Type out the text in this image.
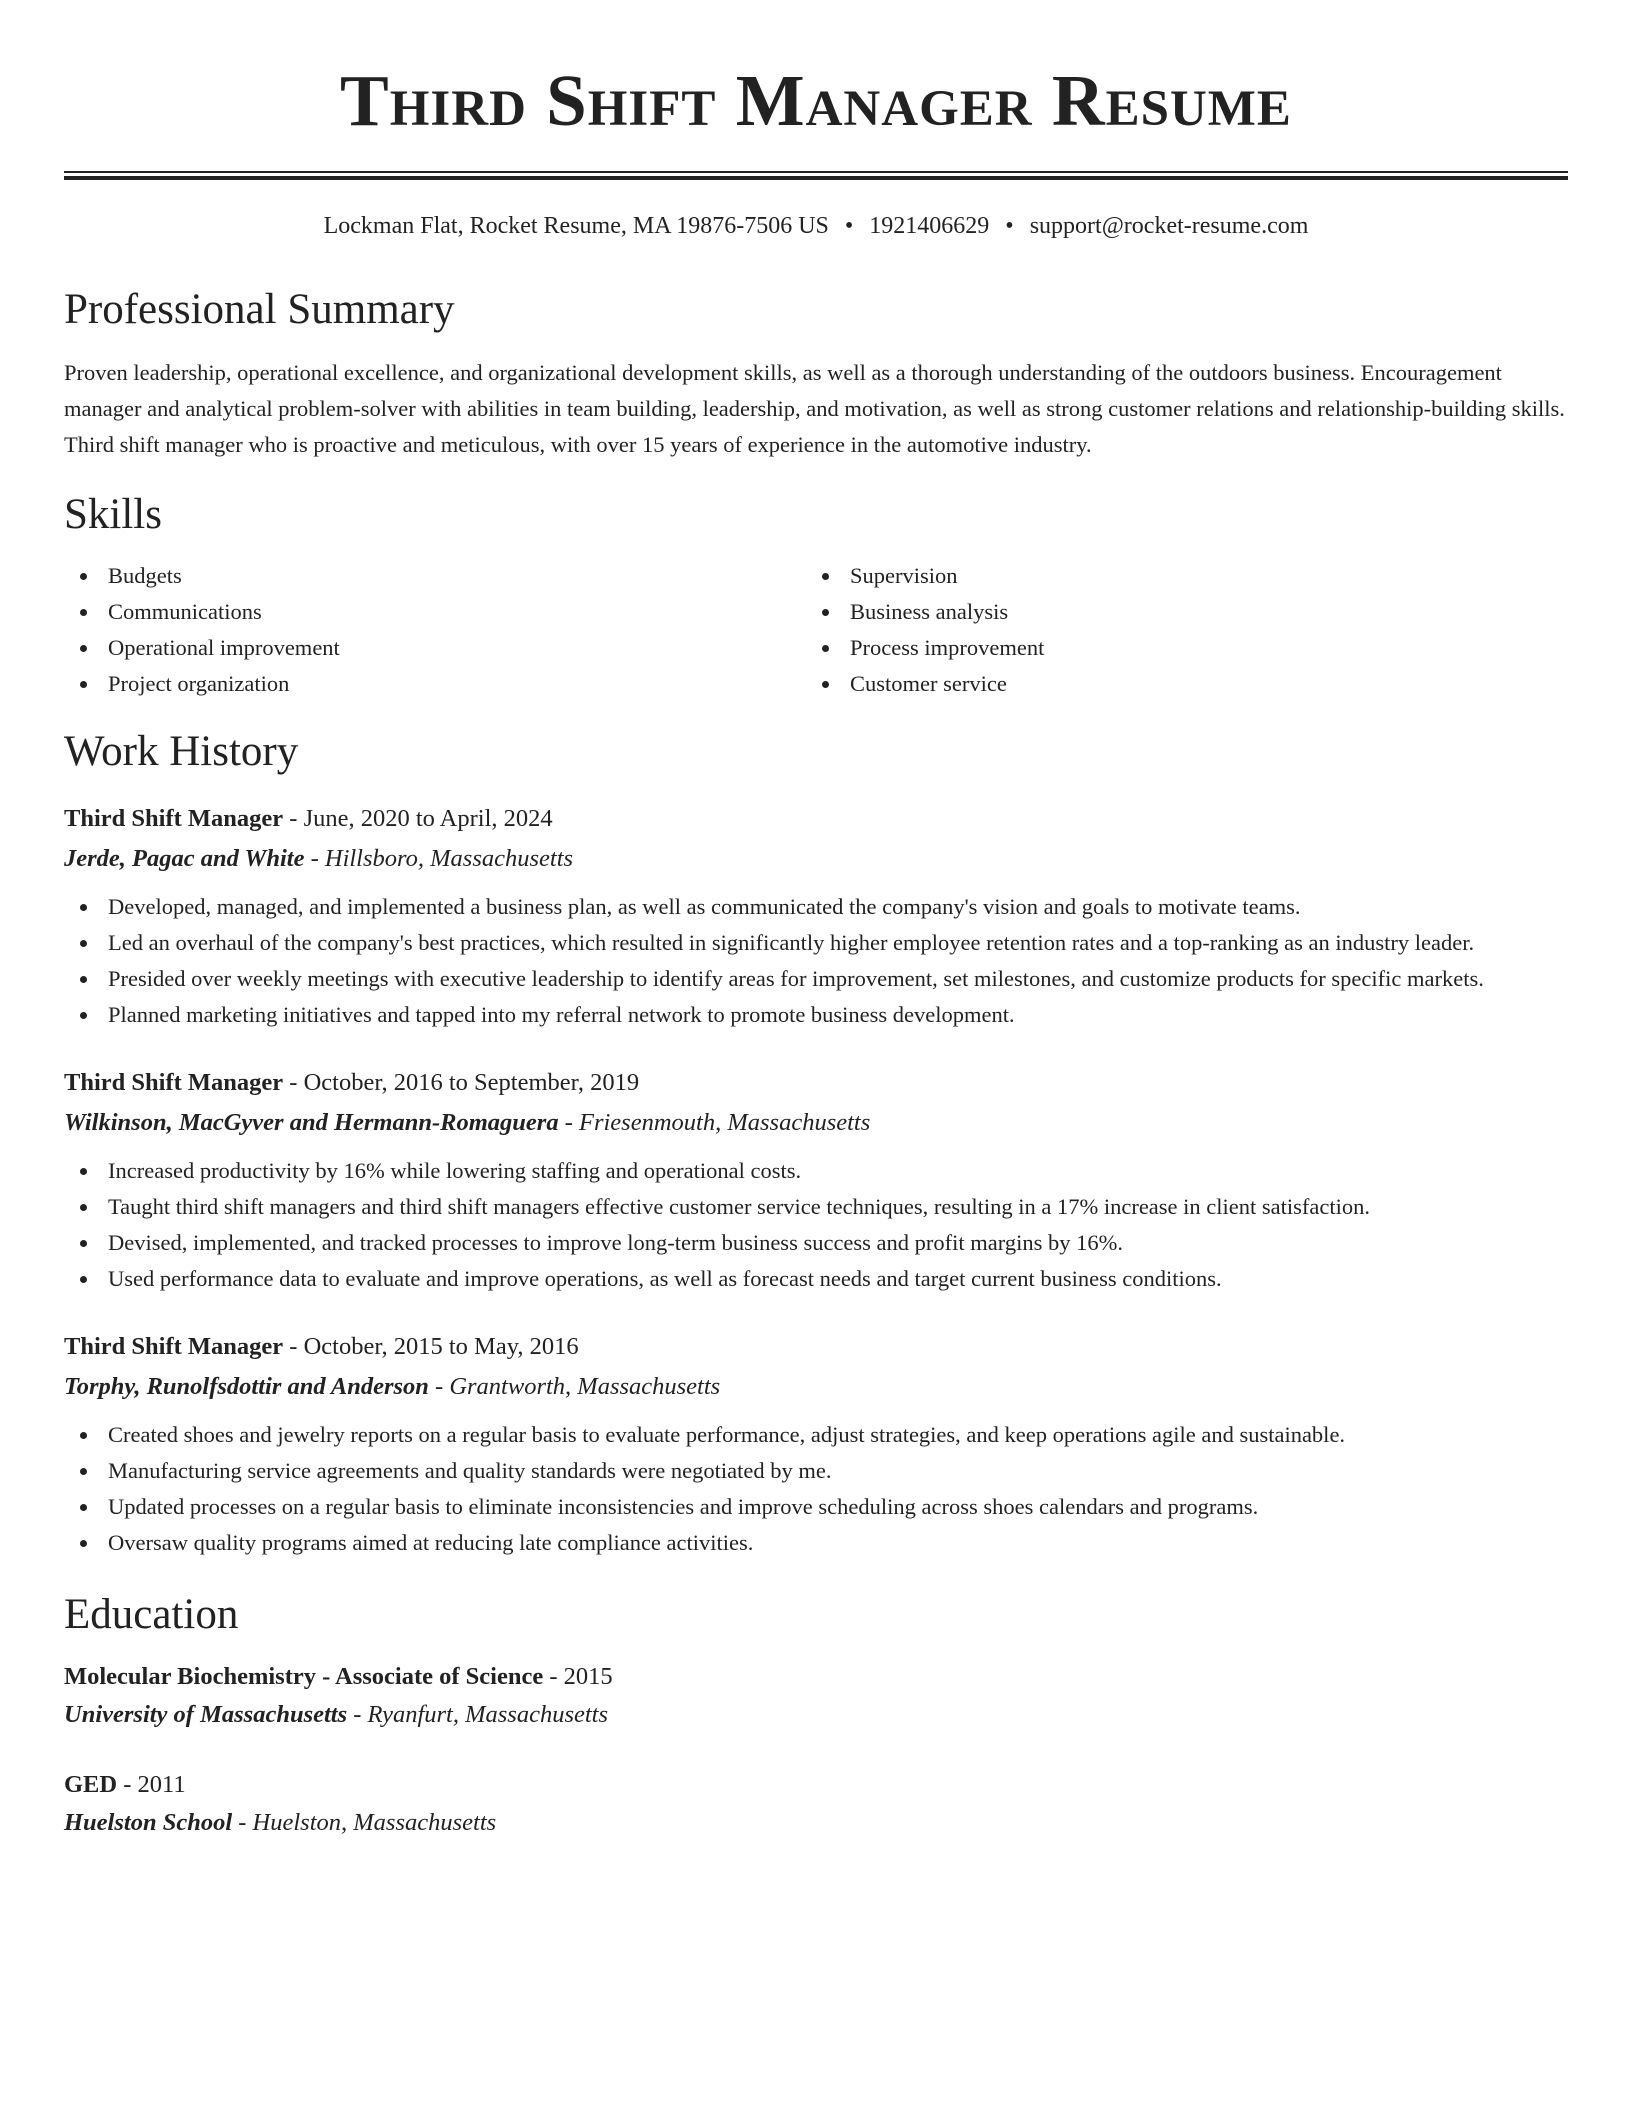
Third Shift Manager Resume
Lockman Flat, Rocket Resume, MA 19876-7506 US • 1921406629 • support@rocket-resume.com
Professional Summary

Proven leadership, operational excellence, and organizational development skills, as well as a thorough understanding of the outdoors business. Encouragement manager and analytical problem-solver with abilities in team building, leadership, and motivation, as well as strong customer relations and relationship-building skills. Third shift manager who is proactive and meticulous, with over 15 years of experience in the automotive industry.

Skills
Budgets
Communications
Operational improvement
Project organization
Supervision
Business analysis
Process improvement
Customer service
Work History
Third Shift Manager - June, 2020 to April, 2024
Jerde, Pagac and White - Hillsboro, Massachusetts
Developed, managed, and implemented a business plan, as well as communicated the company's vision and goals to motivate teams.
Led an overhaul of the company's best practices, which resulted in significantly higher employee retention rates and a top-ranking as an industry leader.
Presided over weekly meetings with executive leadership to identify areas for improvement, set milestones, and customize products for specific markets.
Planned marketing initiatives and tapped into my referral network to promote business development.
Third Shift Manager - October, 2016 to September, 2019
Wilkinson, MacGyver and Hermann-Romaguera - Friesenmouth, Massachusetts
Increased productivity by 16% while lowering staffing and operational costs.
Taught third shift managers and third shift managers effective customer service techniques, resulting in a 17% increase in client satisfaction.
Devised, implemented, and tracked processes to improve long-term business success and profit margins by 16%.
Used performance data to evaluate and improve operations, as well as forecast needs and target current business conditions.
Third Shift Manager - October, 2015 to May, 2016
Torphy, Runolfsdottir and Anderson - Grantworth, Massachusetts
Created shoes and jewelry reports on a regular basis to evaluate performance, adjust strategies, and keep operations agile and sustainable.
Manufacturing service agreements and quality standards were negotiated by me.
Updated processes on a regular basis to eliminate inconsistencies and improve scheduling across shoes calendars and programs.
Oversaw quality programs aimed at reducing late compliance activities.
Education
Molecular Biochemistry - Associate of Science - 2015
University of Massachusetts - Ryanfurt, Massachusetts
GED - 2011
Huelston School - Huelston, Massachusetts
